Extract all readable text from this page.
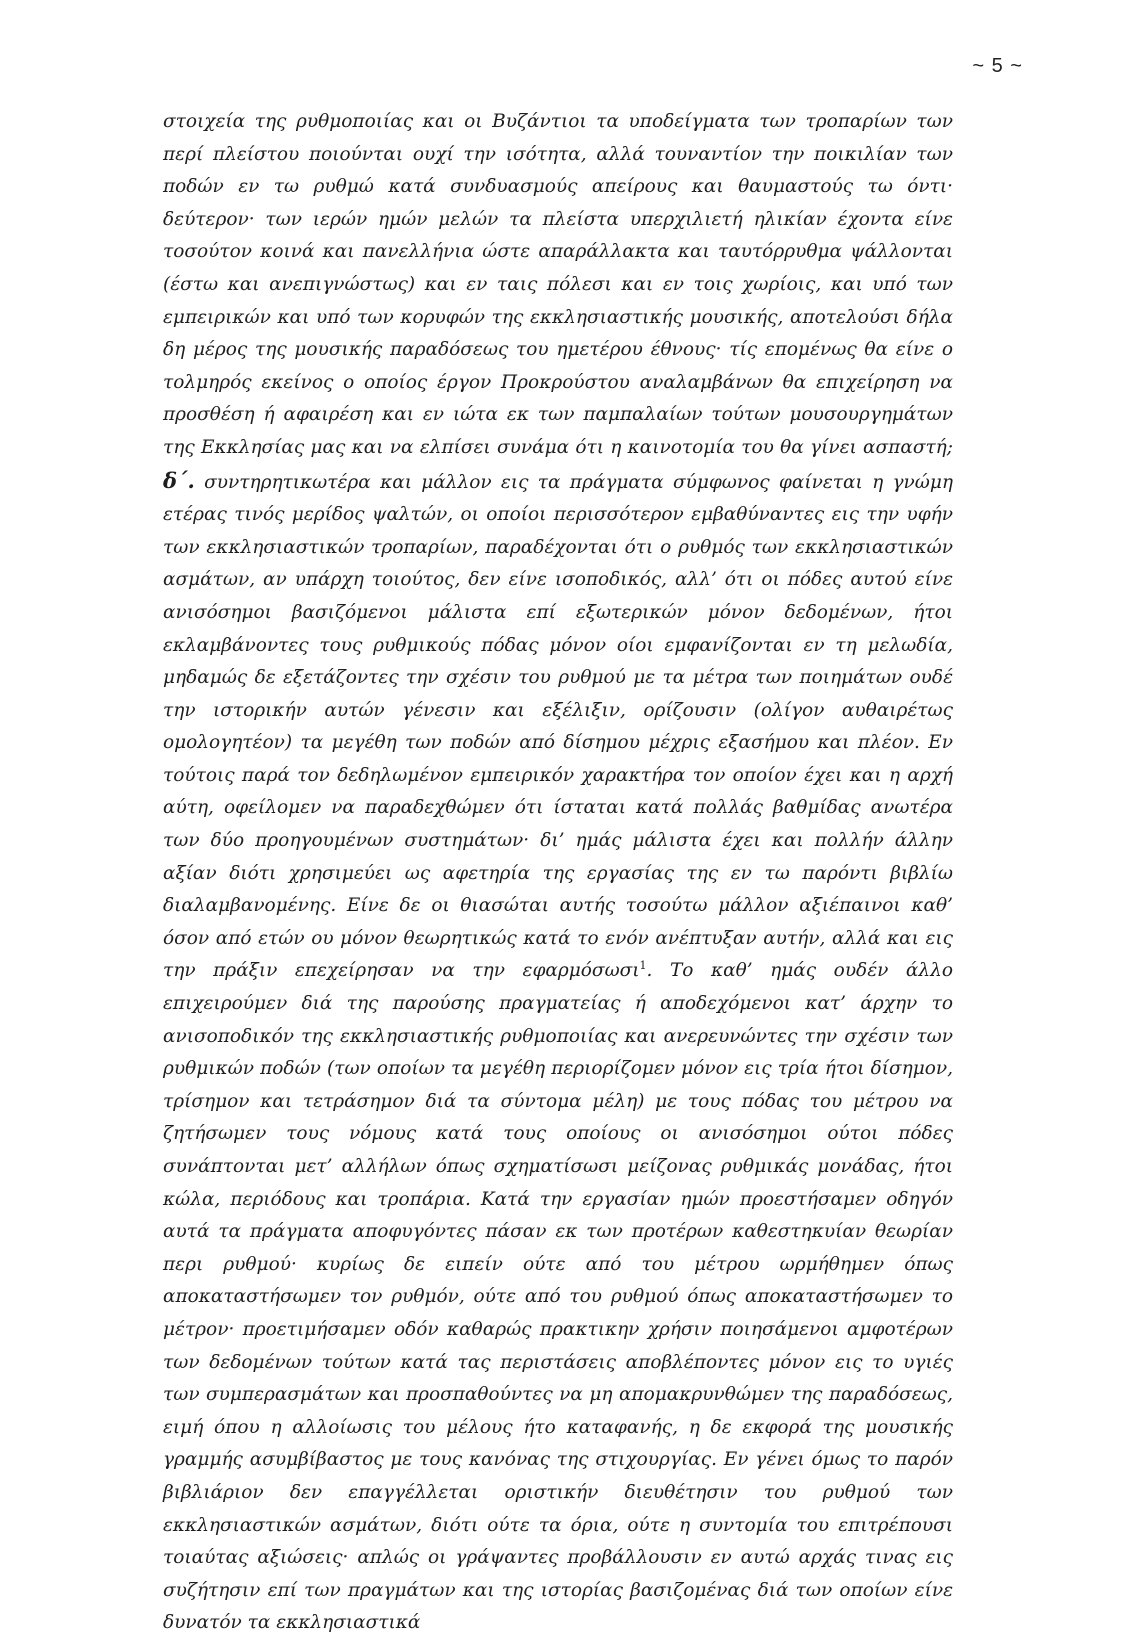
~ 5 ~

στοιχεία της ρυθμοποιίας και οι Βυζάντιοι τα υποδείγματα των τροπαρίων των περί πλείστου ποιούνται ουχί την ισότητα, αλλά τουναντίον την ποικιλίαν των ποδών εν τω ρυθμώ κατά συνδυασμούς απείρους και θαυμαστούς τω όντι· δεύτερον· των ιερών ημών μελών τα πλείστα υπερχιλιετή ηλικίαν έχοντα είνε τοσούτον κοινά και πανελλήνια ώστε απαράλλακτα και ταυτόρρυθμα ψάλλονται (έστω και ανεπιγνώστως) και εν ταις πόλεσι και εν τοις χωρίοις, και υπό των εμπειρικών και υπό των κορυφών της εκκλησιαστικής μουσικής, αποτελούσι δήλα δη μέρος της μουσικής παραδόσεως του ημετέρου έθνους· τίς επομένως θα είνε ο τολμηρός εκείνος ο οποίος έργον Προκρούστου αναλαμβάνων θα επιχείρηση να προσθέση ή αφαιρέση και εν ιώτα εκ των παμπαλαίων τούτων μουσουργημάτων της Εκκλησίας μας και να ελπίσει συνάμα ότι η καινοτομία του θα γίνει ασπαστή; δ΄. συντηρητικωτέρα και μάλλον εις τα πράγματα σύμφωνος φαίνεται η γνώμη ετέρας τινός μερίδος ψαλτών, οι οποίοι περισσότερον εμβαθύναντες εις την υφήν των εκκλησιαστικών τροπαρίων, παραδέχονται ότι ο ρυθμός των εκκλησιαστικών ασμάτων, αν υπάρχη τοιούτος, δεν είνε ισοποδικός, αλλ’ ότι οι πόδες αυτού είνε ανισόσημοι βασιζόμενοι μάλιστα επί εξωτερικών μόνον δεδομένων, ήτοι εκλαμβάνοντες τους ρυθμικούς πόδας μόνον οίοι εμφανίζονται εν τη μελωδία, μηδαμώς δε εξετάζοντες την σχέσιν του ρυθμού με τα μέτρα των ποιημάτων ουδέ την ιστορικήν αυτών γένεσιν και εξέλιξιν, ορίζουσιν (ολίγον αυθαιρέτως ομολογητέον) τα μεγέθη των ποδών από δίσημου μέχρις εξασήμου και πλέον. Εν τούτοις παρά τον δεδηλωμένον εμπειρικόν χαρακτήρα τον οποίον έχει και η αρχή αύτη, οφείλομεν να παραδεχθώμεν ότι ίσταται κατά πολλάς βαθμίδας ανωτέρα των δύο προηγουμένων συστημάτων· δι’ ημάς μάλιστα έχει και πολλήν άλλην αξίαν διότι χρησιμεύει ως αφετηρία της εργασίας της εν τω παρόντι βιβλίω διαλαμβανομένης. Είνε δε οι θιασώται αυτής τοσούτω μάλλον αξιέπαινοι καθ’ όσον από ετών ου μόνον θεωρητικώς κατά το ενόν ανέπτυξαν αυτήν, αλλά και εις την πράξιν επεχείρησαν να την εφαρμόσωσι$^1$. Το καθ’ ημάς ουδέν άλλο επιχειρούμεν διά της παρούσης πραγματείας ή αποδεχόμενοι κατ’ άρχην το ανισοποδικόν της εκκλησιαστικής ρυθμοποιίας και ανερευνώντες την σχέσιν των ρυθμικών ποδών (των οποίων τα μεγέθη περιορίζομεν μόνον εις τρία ήτοι δίσημον, τρίσημον και τετράσημον διά τα σύντομα μέλη) με τους πόδας του μέτρου να ζητήσωμεν τους νόμους κατά τους οποίους οι ανισόσημοι ούτοι πόδες συνάπτονται μετ’ αλλήλων όπως σχηματίσωσι μείζονας ρυθμικάς μονάδας, ήτοι κώλα, περιόδους και τροπάρια. Κατά την εργασίαν ημών προεστήσαμεν οδηγόν αυτά τα πράγματα αποφυγόντες πάσαν εκ των προτέρων καθεστηκυίαν θεωρίαν περι ρυθμού· κυρίως δε ειπείν ούτε από του μέτρου ωρμήθημεν όπως αποκαταστήσωμεν τον ρυθμόν, ούτε από του ρυθμού όπως αποκαταστήσωμεν το μέτρον· προετιμήσαμεν οδόν καθαρώς πρακτικην χρήσιν ποιησάμενοι αμφοτέρων των δεδομένων τούτων κατά τας περιστάσεις αποβλέποντες μόνον εις το υγιές των συμπερασμάτων και προσπαθούντες να μη απομακρυνθώμεν της παραδόσεως, ειμή όπου η αλλοίωσις του μέλους ήτο καταφανής, η δε εκφορά της μουσικής γραμμής ασυμβίβαστος με τους κανόνας της στιχουργίας. Εν γένει όμως το παρόν βιβλιάριον δεν επαγγέλλεται οριστικήν διευθέτησιν του ρυθμού των εκκλησιαστικών ασμάτων, διότι ούτε τα όρια, ούτε η συντομία του επιτρέπουσι τοιαύτας αξιώσεις· απλώς οι γράψαντες προβάλλουσιν εν αυτώ αρχάς τινας εις συζήτησιν επί των πραγμάτων και της ιστορίας βασιζομένας διά των οποίων είνε δυνατόν τα εκκλησιαστικά
